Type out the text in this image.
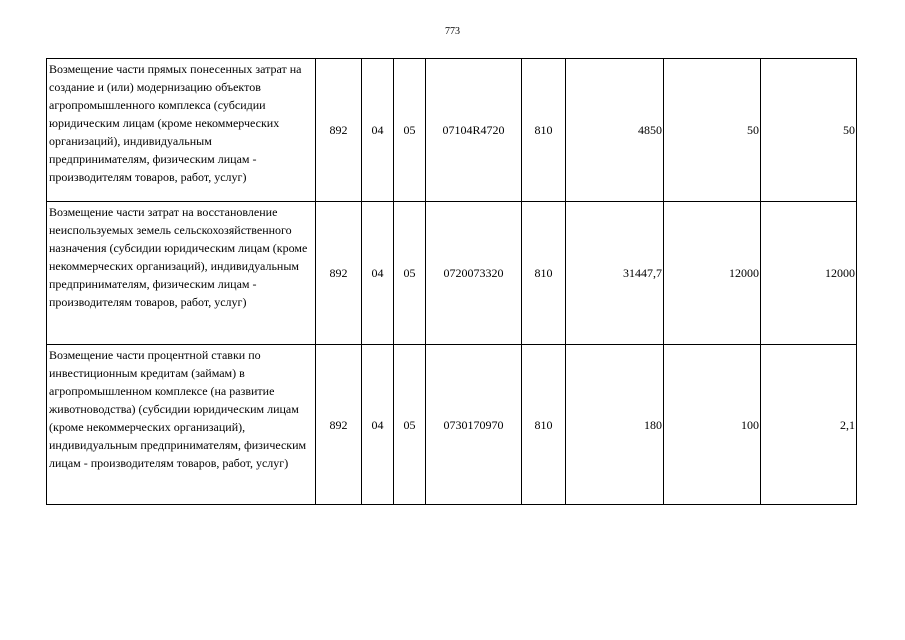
773
Возмещение части прямых понесенных затрат на создание и (или) модернизацию объектов агропромышленного комплекса (субсидии юридическим лицам (кроме некоммерческих организаций), индивидуальным предпринимателям, физическим лицам - производителям товаров, работ, услуг)	892	04	05	07104R4720	810	4850	50	50
Возмещение части затрат на восстановление неиспользуемых земель сельскохозяйственного назначения (субсидии юридическим лицам (кроме некоммерческих организаций), индивидуальным предпринимателям, физическим лицам - производителям товаров, работ, услуг)	892	04	05	0720073320	810	31447,7	12000	12000
Возмещение части процентной ставки по инвестиционным кредитам (займам) в агропромышленном комплексе (на развитие животноводства) (субсидии юридическим лицам (кроме некоммерческих организаций), индивидуальным предпринимателям, физическим лицам - производителям товаров, работ, услуг)	892	04	05	0730170970	810	180	100	2,1
